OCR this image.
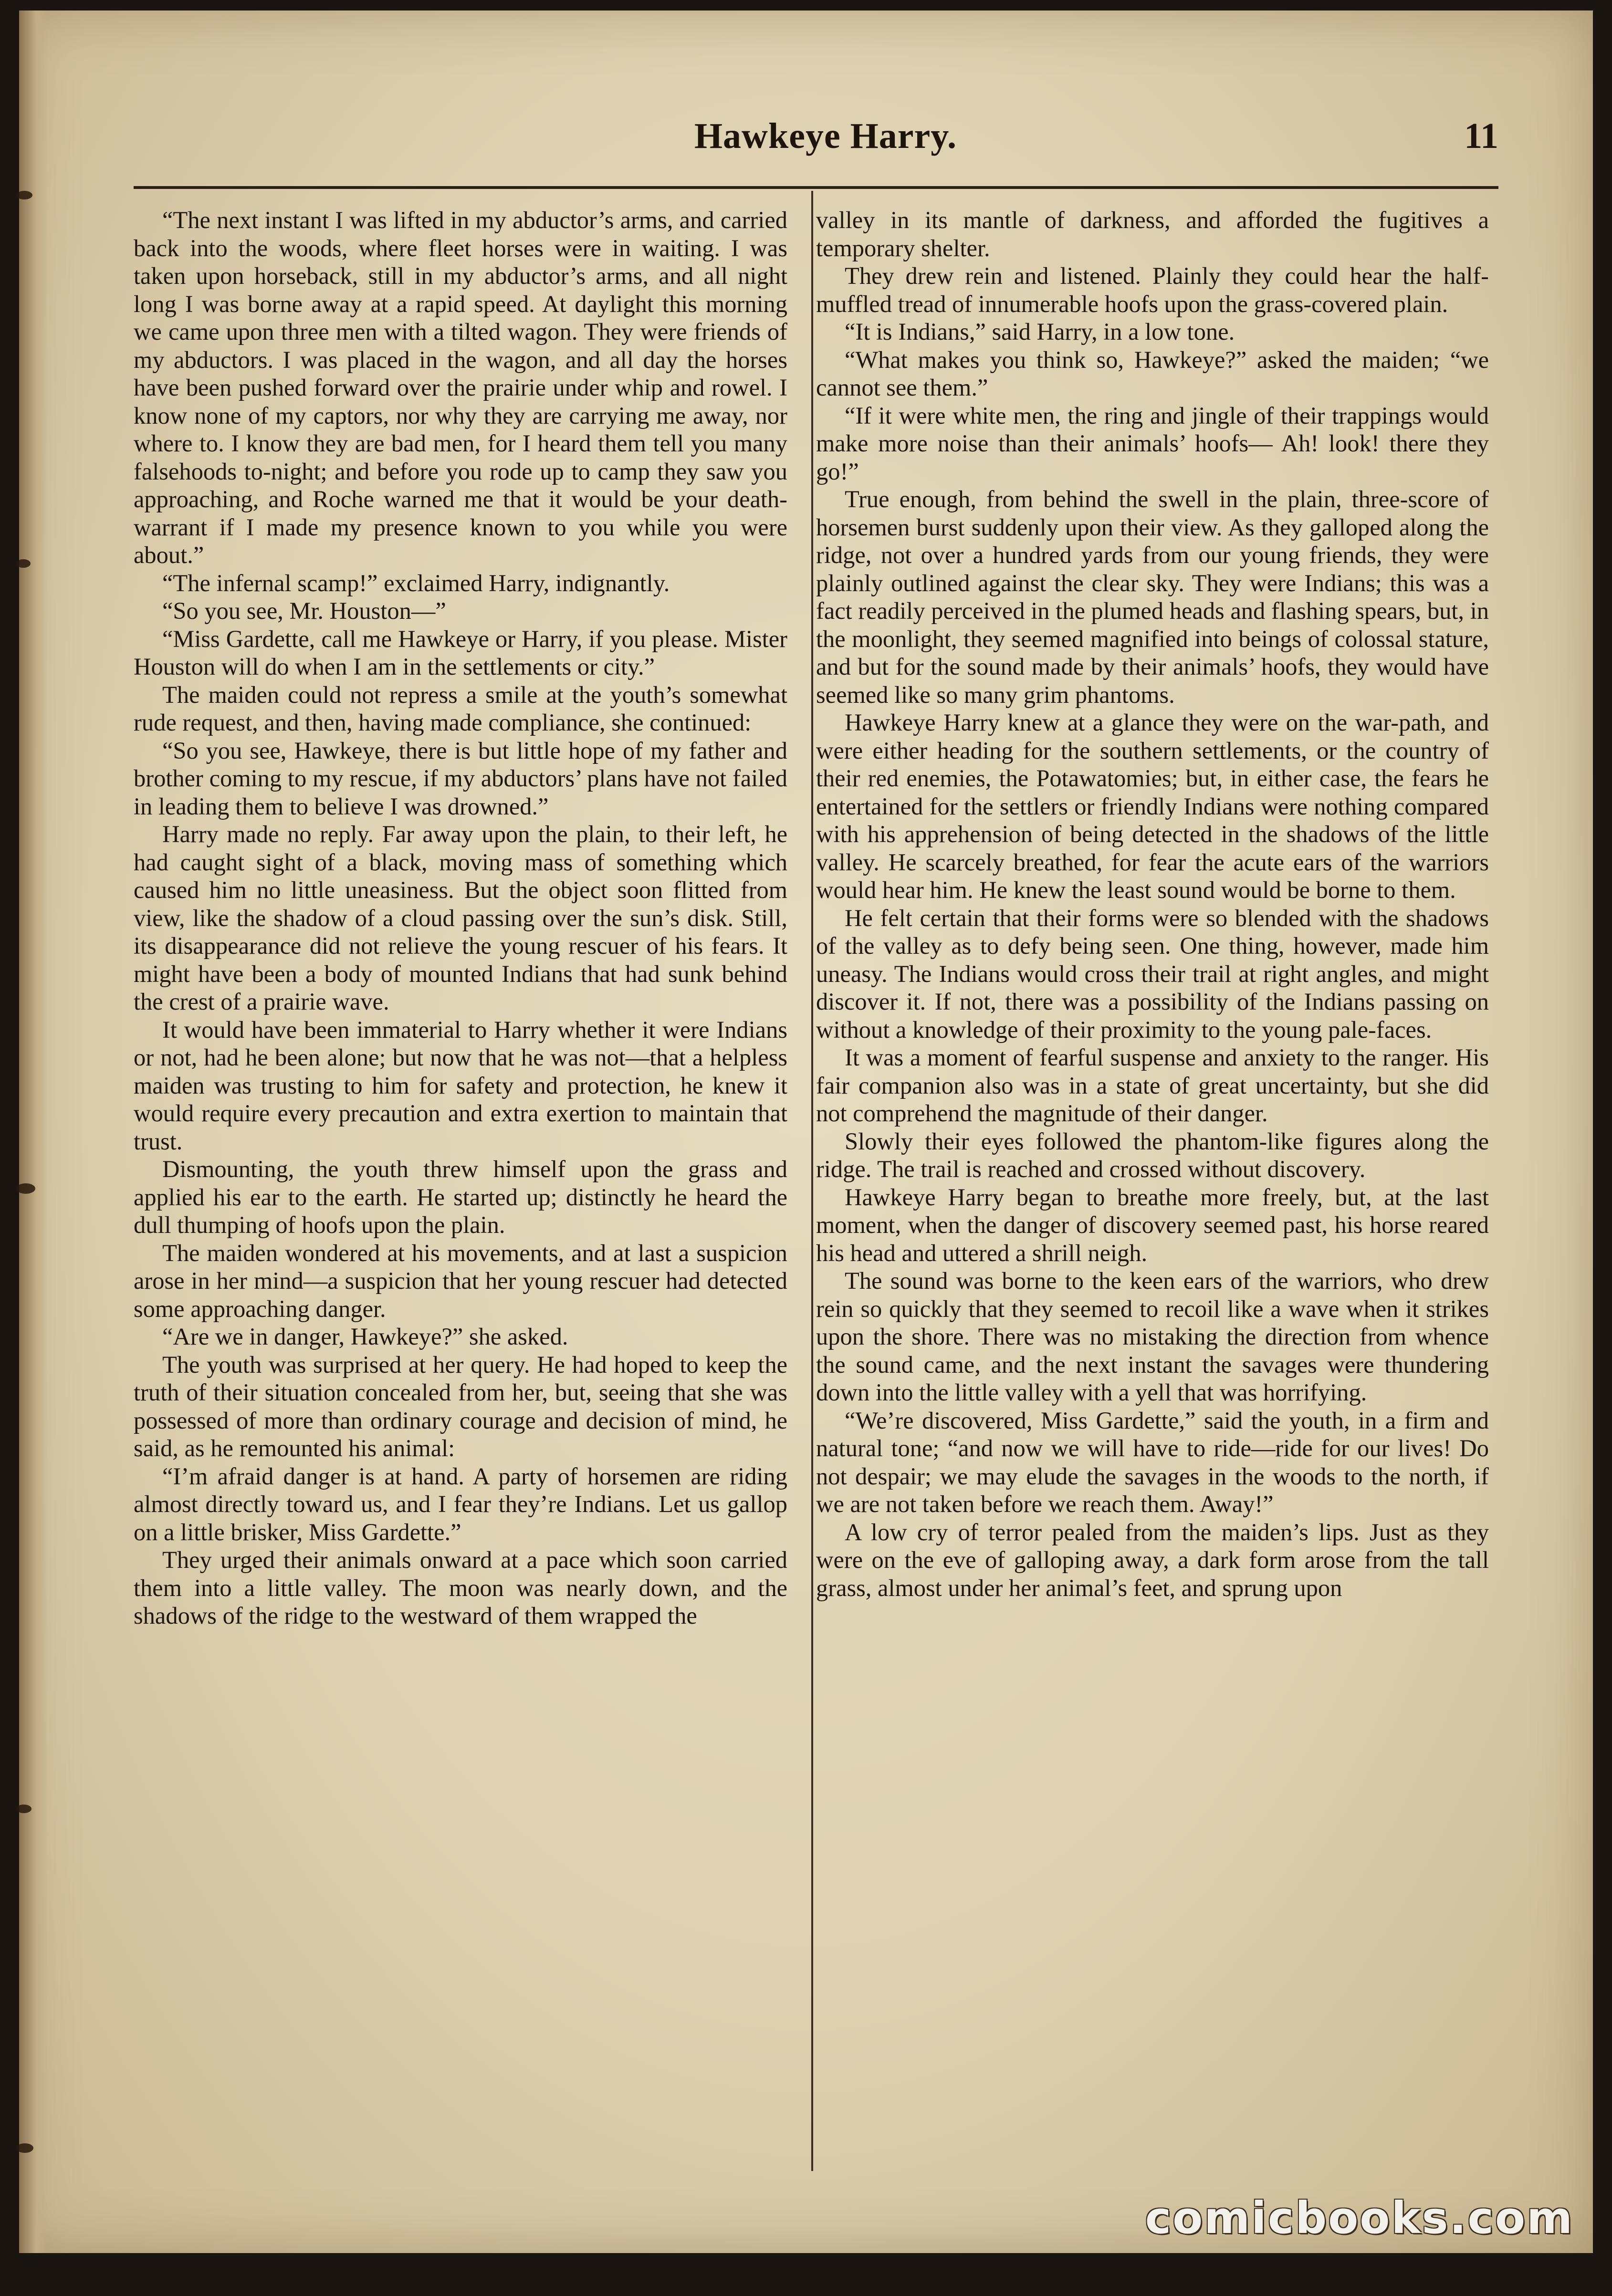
Hawkeye Harry.	11

“The next instant I was lifted in my abductor’s arms, and carried back into the woods, where fleet horses were in waiting. I was taken upon horseback, still in my abductor’s arms, and all night long I was borne away at a rapid speed. At daylight this morning we came upon three men with a tilted wagon. They were friends of my abductors. I was placed in the wagon, and all day the horses have been pushed forward over the prairie under whip and rowel. I know none of my captors, nor why they are carrying me away, nor where to. I know they are bad men, for I heard them tell you many falsehoods to-night; and before you rode up to camp they saw you approaching, and Roche warned me that it would be your death-warrant if I made my presence known to you while you were about.”

“The infernal scamp!” exclaimed Harry, indignantly.

“So you see, Mr. Houston—”

“Miss Gardette, call me Hawkeye or Harry, if you please. Mister Houston will do when I am in the settlements or city.”

The maiden could not repress a smile at the youth’s somewhat rude request, and then, having made compliance, she continued:

“So you see, Hawkeye, there is but little hope of my father and brother coming to my rescue, if my abductors’ plans have not failed in leading them to believe I was drowned.”

Harry made no reply. Far away upon the plain, to their left, he had caught sight of a black, moving mass of something which caused him no little uneasiness. But the object soon flitted from view, like the shadow of a cloud passing over the sun’s disk. Still, its disappearance did not relieve the young rescuer of his fears. It might have been a body of mounted Indians that had sunk behind the crest of a prairie wave.

It would have been immaterial to Harry whether it were Indians or not, had he been alone; but now that he was not—that a helpless maiden was trusting to him for safety and protection, he knew it would require every precaution and extra exertion to maintain that trust.

Dismounting, the youth threw himself upon the grass and applied his ear to the earth. He started up; distinctly he heard the dull thumping of hoofs upon the plain.

The maiden wondered at his movements, and at last a suspicion arose in her mind—a suspicion that her young rescuer had detected some approaching danger.

“Are we in danger, Hawkeye?” she asked.

The youth was surprised at her query. He had hoped to keep the truth of their situation concealed from her, but, seeing that she was possessed of more than ordinary courage and decision of mind, he said, as he remounted his animal:

“I’m afraid danger is at hand. A party of horsemen are riding almost directly toward us, and I fear they’re Indians. Let us gallop on a little brisker, Miss Gardette.”

They urged their animals onward at a pace which soon carried them into a little valley. The moon was nearly down, and the shadows of the ridge to the westward of them wrapped the

valley in its mantle of darkness, and afforded the fugitives a temporary shelter.

They drew rein and listened. Plainly they could hear the half-muffled tread of innumerable hoofs upon the grass-covered plain.

“It is Indians,” said Harry, in a low tone.

“What makes you think so, Hawkeye?” asked the maiden; “we cannot see them.”

“If it were white men, the ring and jingle of their trappings would make more noise than their animals’ hoofs— Ah! look! there they go!”

True enough, from behind the swell in the plain, three-score of horsemen burst suddenly upon their view. As they galloped along the ridge, not over a hundred yards from our young friends, they were plainly outlined against the clear sky. They were Indians; this was a fact readily perceived in the plumed heads and flashing spears, but, in the moonlight, they seemed magnified into beings of colossal stature, and but for the sound made by their animals’ hoofs, they would have seemed like so many grim phantoms.

Hawkeye Harry knew at a glance they were on the war-path, and were either heading for the southern settlements, or the country of their red enemies, the Potawatomies; but, in either case, the fears he entertained for the settlers or friendly Indians were nothing compared with his apprehension of being detected in the shadows of the little valley. He scarcely breathed, for fear the acute ears of the warriors would hear him. He knew the least sound would be borne to them.

He felt certain that their forms were so blended with the shadows of the valley as to defy being seen. One thing, however, made him uneasy. The Indians would cross their trail at right angles, and might discover it. If not, there was a possibility of the Indians passing on without a knowledge of their proximity to the young pale-faces.

It was a moment of fearful suspense and anxiety to the ranger. His fair companion also was in a state of great uncertainty, but she did not comprehend the magnitude of their danger.

Slowly their eyes followed the phantom-like figures along the ridge. The trail is reached and crossed without discovery.

Hawkeye Harry began to breathe more freely, but, at the last moment, when the danger of discovery seemed past, his horse reared his head and uttered a shrill neigh.

The sound was borne to the keen ears of the warriors, who drew rein so quickly that they seemed to recoil like a wave when it strikes upon the shore. There was no mistaking the direction from whence the sound came, and the next instant the savages were thundering down into the little valley with a yell that was horrifying.

“We’re discovered, Miss Gardette,” said the youth, in a firm and natural tone; “and now we will have to ride—ride for our lives! Do not despair; we may elude the savages in the woods to the north, if we are not taken before we reach them. Away!”

A low cry of terror pealed from the maiden’s lips. Just as they were on the eve of galloping away, a dark form arose from the tall grass, almost under her animal’s feet, and sprung upon

comicbooks.com
